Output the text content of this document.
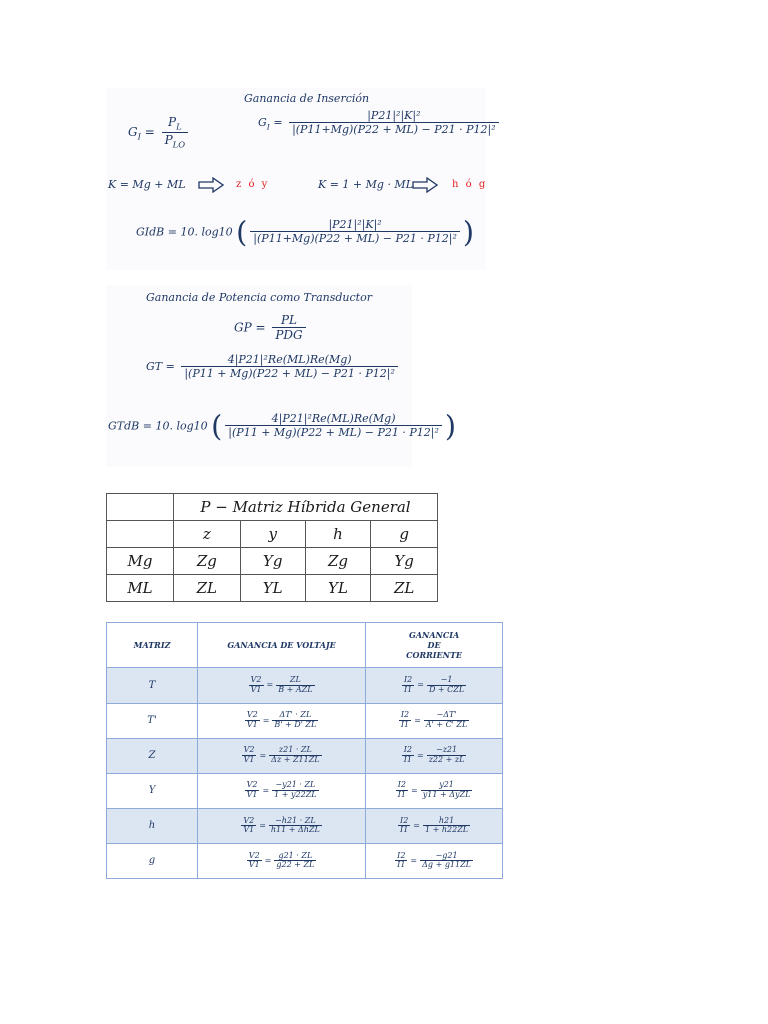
Ganancia de Inserción
$G_I = \frac{P_L}{P_{LO}}$	$G_I = \frac{\text{|P21|²|K|²}}{\text{|(P11+Mg)(P22 + ML) − P21 · P12|²}}$
K = Mg + ML	z ó y	K = 1 + Mg · ML	h ó g
GIdB = 10. log10 ( $\frac{\text{|P21|²|K|²}}{\text{|(P11+Mg)(P22 + ML) − P21 · P12|²}}$ )
Ganancia de Potencia como Transductor
GP = $\frac{PL}{\text{PDG}}$
GT = $\frac{\text{4|P21|²Re(ML)Re(Mg)}}{\text{|(P11 + Mg)(P22 + ML) − P21 · P12|²}}$
GTdB = 10. log10 ( $\frac{\text{4|P21|²Re(ML)Re(Mg)}}{\text{|(P11 + Mg)(P22 + ML) − P21 · P12|²}}$ )
	P − Matriz Híbrida General			
	z	y	h	g
Mg	Zg	Yg	Zg	Yg
ML	ZL	YL	YL	ZL
MATRIZ	GANANCIA DE VOLTAJE	GANANCIA DE CORRIENTE
T	$\frac{V2}{V1} = \frac{ZL}{\text{B + AZL}}$	$\frac{I2}{I1} = \frac{-1}{\text{D + CZL}}$

T'	$\frac{V2}{V1} = \frac{\Delta T' \cdot ZL}{B' + D' ZL}$	$\frac{I2}{I1} = \frac{-\Delta T'}{A' + C' ZL}$

Z	$\frac{V2}{V1} = \frac{z21 \cdot ZL}{\Delta z + Z11ZL}$	$\frac{I2}{I1} = \frac{-z21}{z22 + zL}$

Y	$\frac{V2}{V1} = \frac{-y21 \cdot ZL}{1 + y22ZL}$	$\frac{I2}{I1} = \frac{y21}{\text{y11 + ΔyZL}}$

h	$\frac{V2}{V1} = \frac{-h21 \cdot ZL}{\text{h11 + ΔhZL}}$	$\frac{I2}{I1} = \frac{h21}{1 + h22ZL}$

g	$\frac{V2}{V1} = \frac{g21 \cdot ZL}{g22 + ZL}$	$\frac{I2}{I1} = \frac{-g21}{\Delta g + g11ZL}$
